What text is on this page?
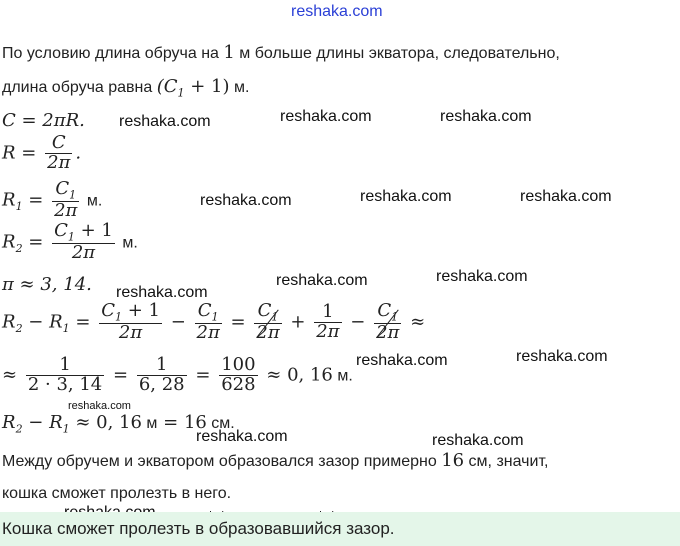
reshaka.com
reshaka.com	reshaka.com	reshaka.com
reshaka.com	reshaka.com	reshaka.com
reshaka.com	reshaka.com
reshaka.com
reshaka.com	reshaka.com
reshaka.com
reshaka.com	reshaka.com
По условию длина обруча на 1 м больше длины экватора, следовательно,
длина обруча равна $(C_1 + 1)$ м.
C = 2πR.
$R = \frac{C}{2\pi}$ .
$R_1 = \frac{C_1}{2\pi} м$.
$R_2 = \frac{C_1 + 1}{2\pi} м$.
π ≈ 3, 14.
$R_2 - R_1 = \frac{C_1 + 1}{2\pi} - \frac{C_1}{2\pi} = \frac{C_1}{2\pi} + \frac{1}{2\pi} - \frac{C_1}{2\pi}$ ≈
≈ $\frac{1}{2 \cdot 3, 14} = \frac{1}{6, 28} = \frac{100}{628} \approx 0$, 16 м.
$R_2 - R_1 \approx 0$, 16 м = 16 см.
Между обручем и экватором образовался зазор примерно 16 см, значит,
кошка сможет пролезть в него.
Кошка сможет пролезть в образовавшийся зазор.
